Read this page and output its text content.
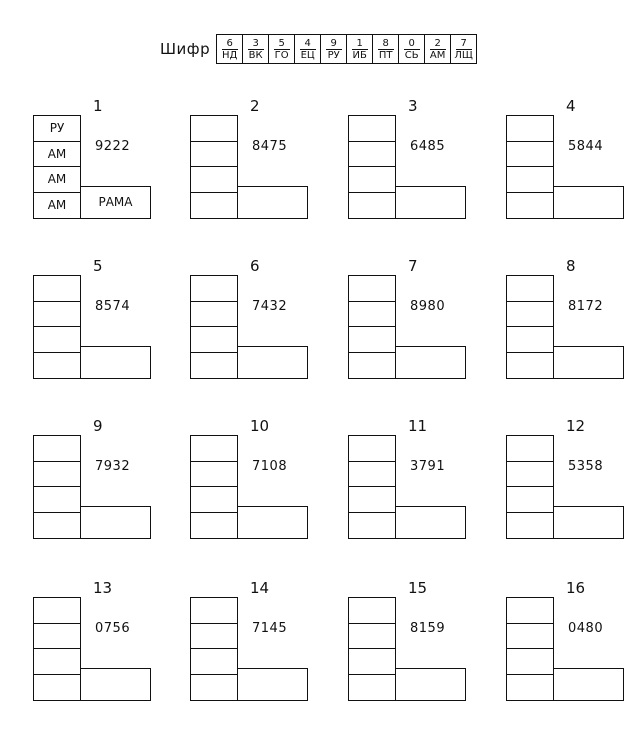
Шифр	6
НД
3
ВК
5
ГО
4
ЕЦ
9
РУ
1
ИБ
8
ПТ
0
СЬ
2
АМ
7
ЛЩ
1
9222
РУ
АМ
АМ
АМ	РАМА
2
8475
3
6485
4
5844
5
8574
6
7432
7
8980
8
8172
9
7932
10
7108
11
3791
12
5358
13
0756
14
7145
15
8159
16
0480
